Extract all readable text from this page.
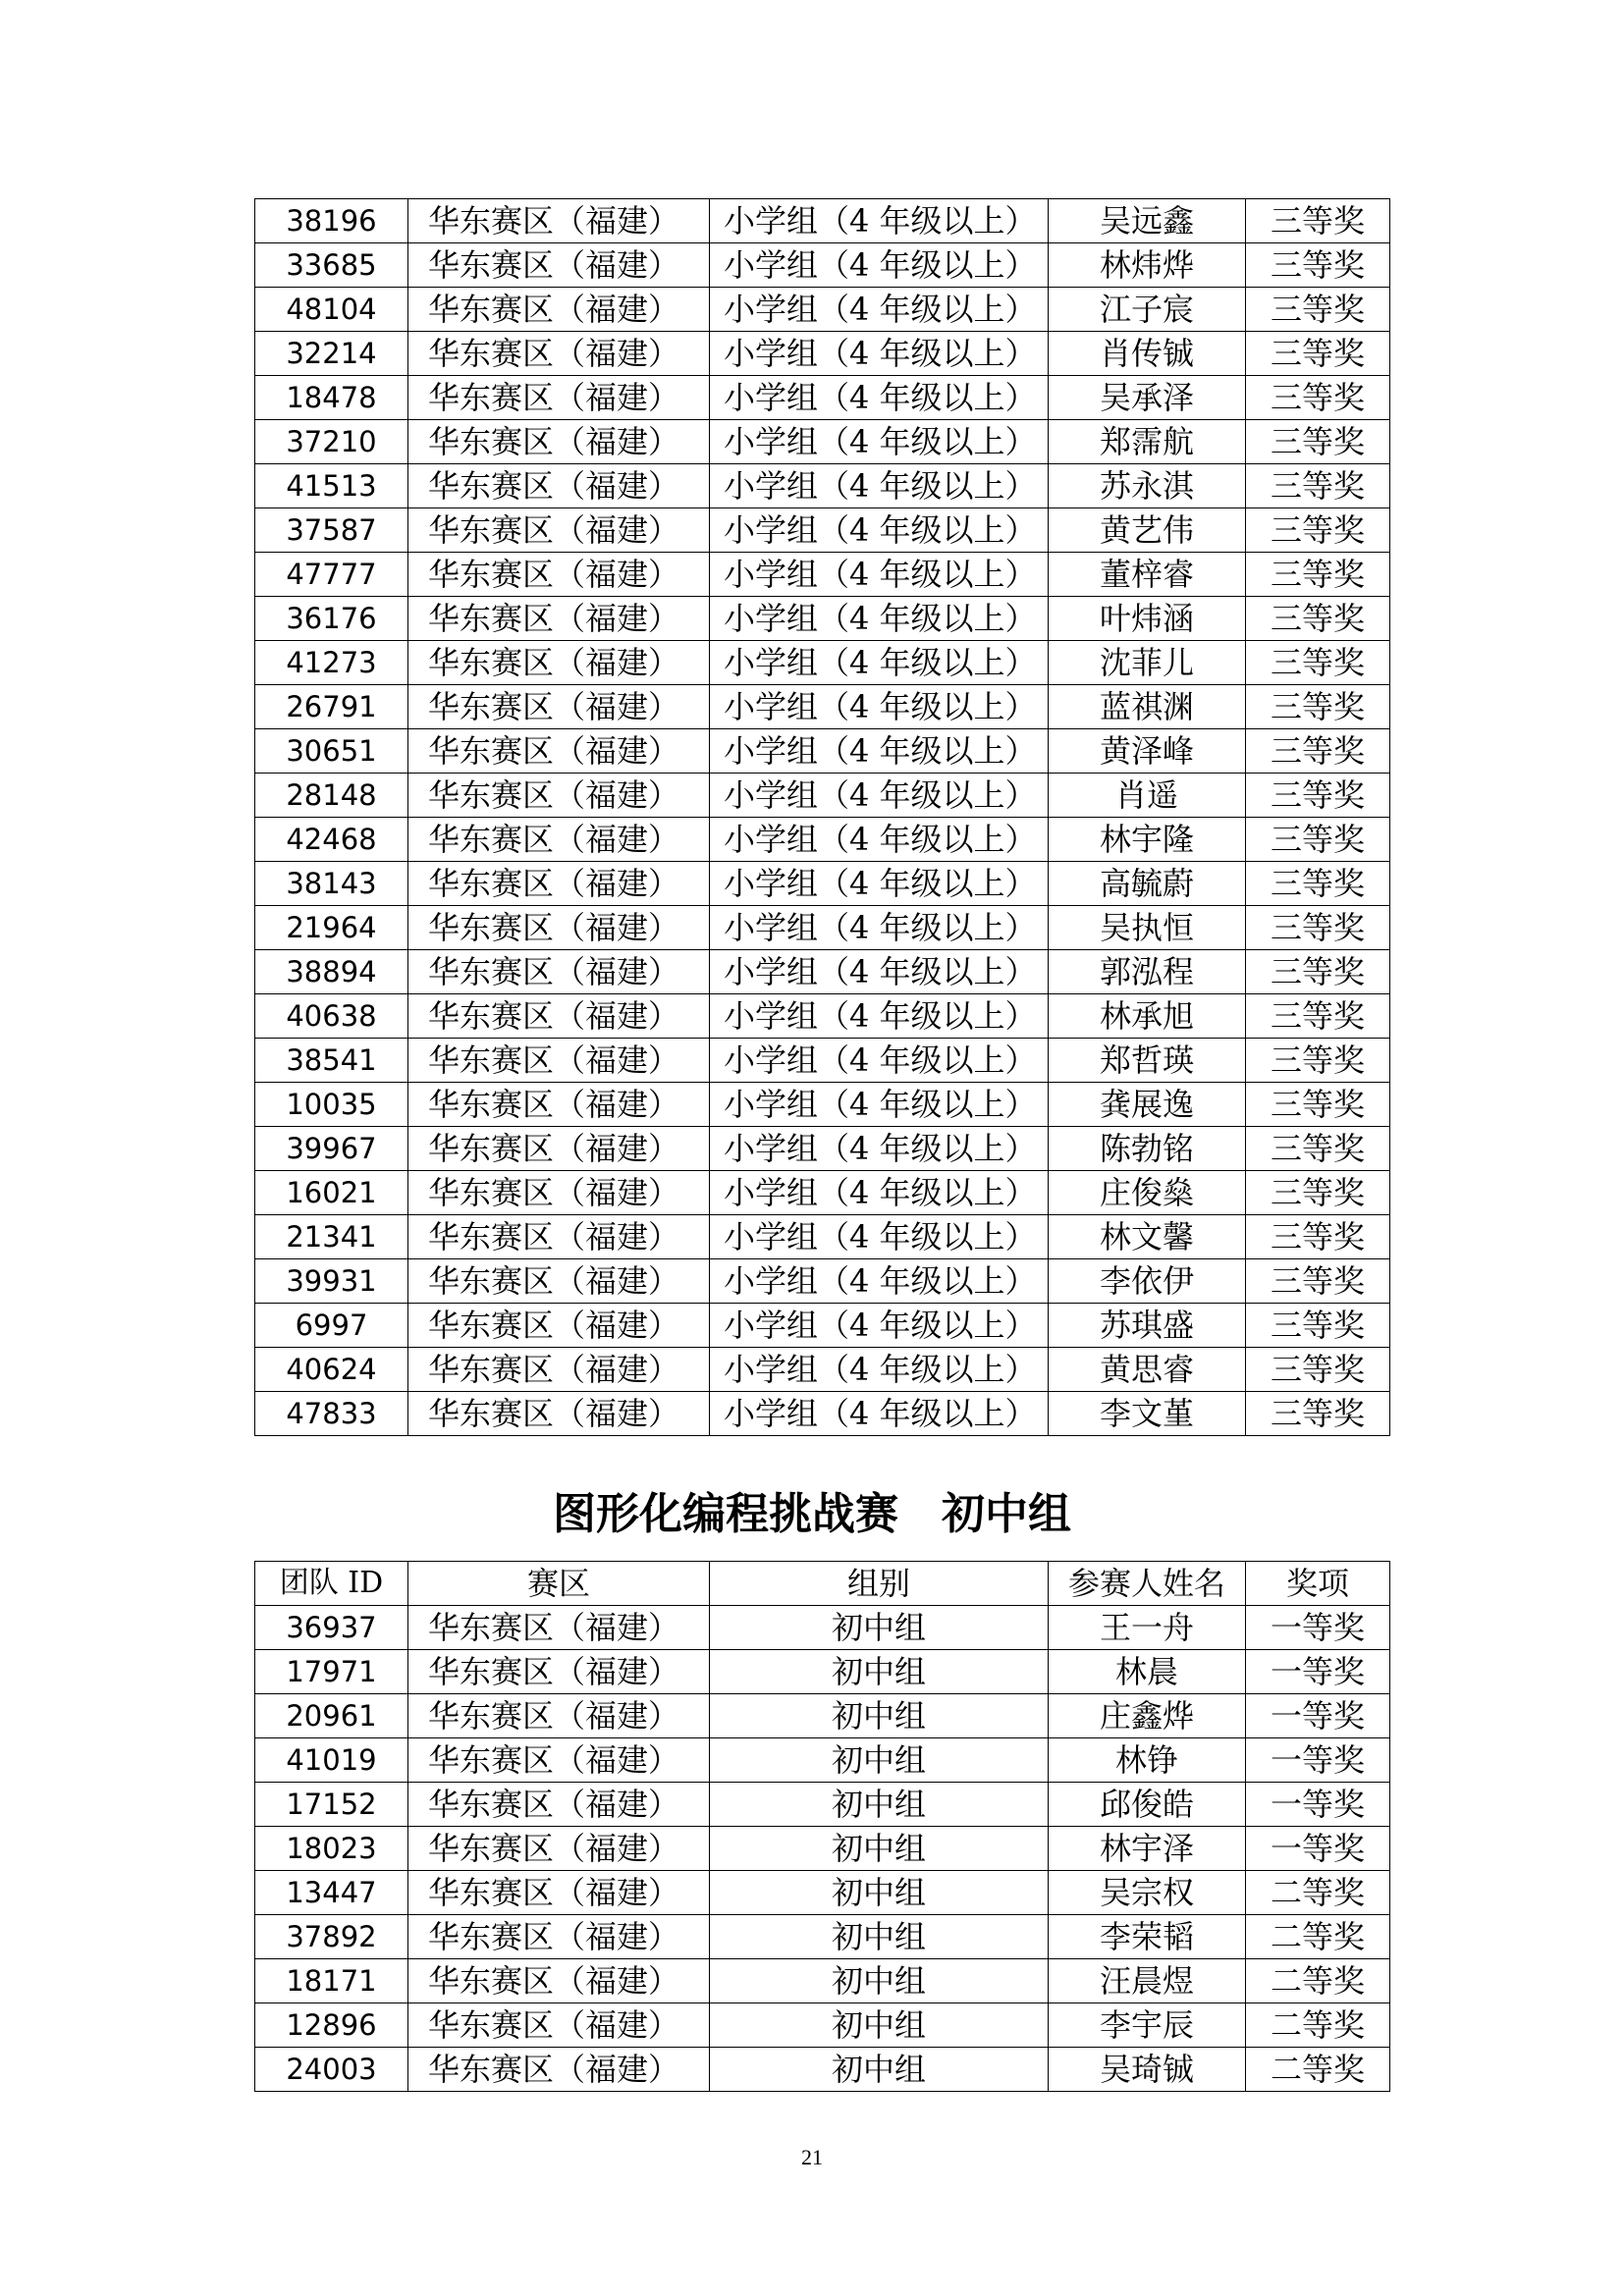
38196	华东赛区（福建）	小学组（4 年级以上）	吴远鑫	三等奖
33685	华东赛区（福建）	小学组（4 年级以上）	林炜烨	三等奖
48104	华东赛区（福建）	小学组（4 年级以上）	江子宸	三等奖
32214	华东赛区（福建）	小学组（4 年级以上）	肖传铖	三等奖
18478	华东赛区（福建）	小学组（4 年级以上）	吴承泽	三等奖
37210	华东赛区（福建）	小学组（4 年级以上）	郑霈航	三等奖
41513	华东赛区（福建）	小学组（4 年级以上）	苏永淇	三等奖
37587	华东赛区（福建）	小学组（4 年级以上）	黄艺伟	三等奖
47777	华东赛区（福建）	小学组（4 年级以上）	董梓睿	三等奖
36176	华东赛区（福建）	小学组（4 年级以上）	叶炜涵	三等奖
41273	华东赛区（福建）	小学组（4 年级以上）	沈菲儿	三等奖
26791	华东赛区（福建）	小学组（4 年级以上）	蓝祺渊	三等奖
30651	华东赛区（福建）	小学组（4 年级以上）	黄泽峰	三等奖
28148	华东赛区（福建）	小学组（4 年级以上）	肖遥	三等奖
42468	华东赛区（福建）	小学组（4 年级以上）	林宇隆	三等奖
38143	华东赛区（福建）	小学组（4 年级以上）	高毓蔚	三等奖
21964	华东赛区（福建）	小学组（4 年级以上）	吴执恒	三等奖
38894	华东赛区（福建）	小学组（4 年级以上）	郭泓程	三等奖
40638	华东赛区（福建）	小学组（4 年级以上）	林承旭	三等奖
38541	华东赛区（福建）	小学组（4 年级以上）	郑哲瑛	三等奖
10035	华东赛区（福建）	小学组（4 年级以上）	龚展逸	三等奖
39967	华东赛区（福建）	小学组（4 年级以上）	陈勃铭	三等奖
16021	华东赛区（福建）	小学组（4 年级以上）	庄俊燊	三等奖
21341	华东赛区（福建）	小学组（4 年级以上）	林文馨	三等奖
39931	华东赛区（福建）	小学组（4 年级以上）	李依伊	三等奖
6997	华东赛区（福建）	小学组（4 年级以上）	苏琪盛	三等奖
40624	华东赛区（福建）	小学组（4 年级以上）	黄思睿	三等奖
47833	华东赛区（福建）	小学组（4 年级以上）	李文堇	三等奖
图形化编程挑战赛　初中组
团队 ID	赛区	组别	参赛人姓名	奖项
36937	华东赛区（福建）	初中组	王一舟	一等奖
17971	华东赛区（福建）	初中组	林晨	一等奖
20961	华东赛区（福建）	初中组	庄鑫烨	一等奖
41019	华东赛区（福建）	初中组	林铮	一等奖
17152	华东赛区（福建）	初中组	邱俊皓	一等奖
18023	华东赛区（福建）	初中组	林宇泽	一等奖
13447	华东赛区（福建）	初中组	吴宗权	二等奖
37892	华东赛区（福建）	初中组	李荣韬	二等奖
18171	华东赛区（福建）	初中组	汪晨煜	二等奖
12896	华东赛区（福建）	初中组	李宇辰	二等奖
24003	华东赛区（福建）	初中组	吴琦铖	二等奖
21
